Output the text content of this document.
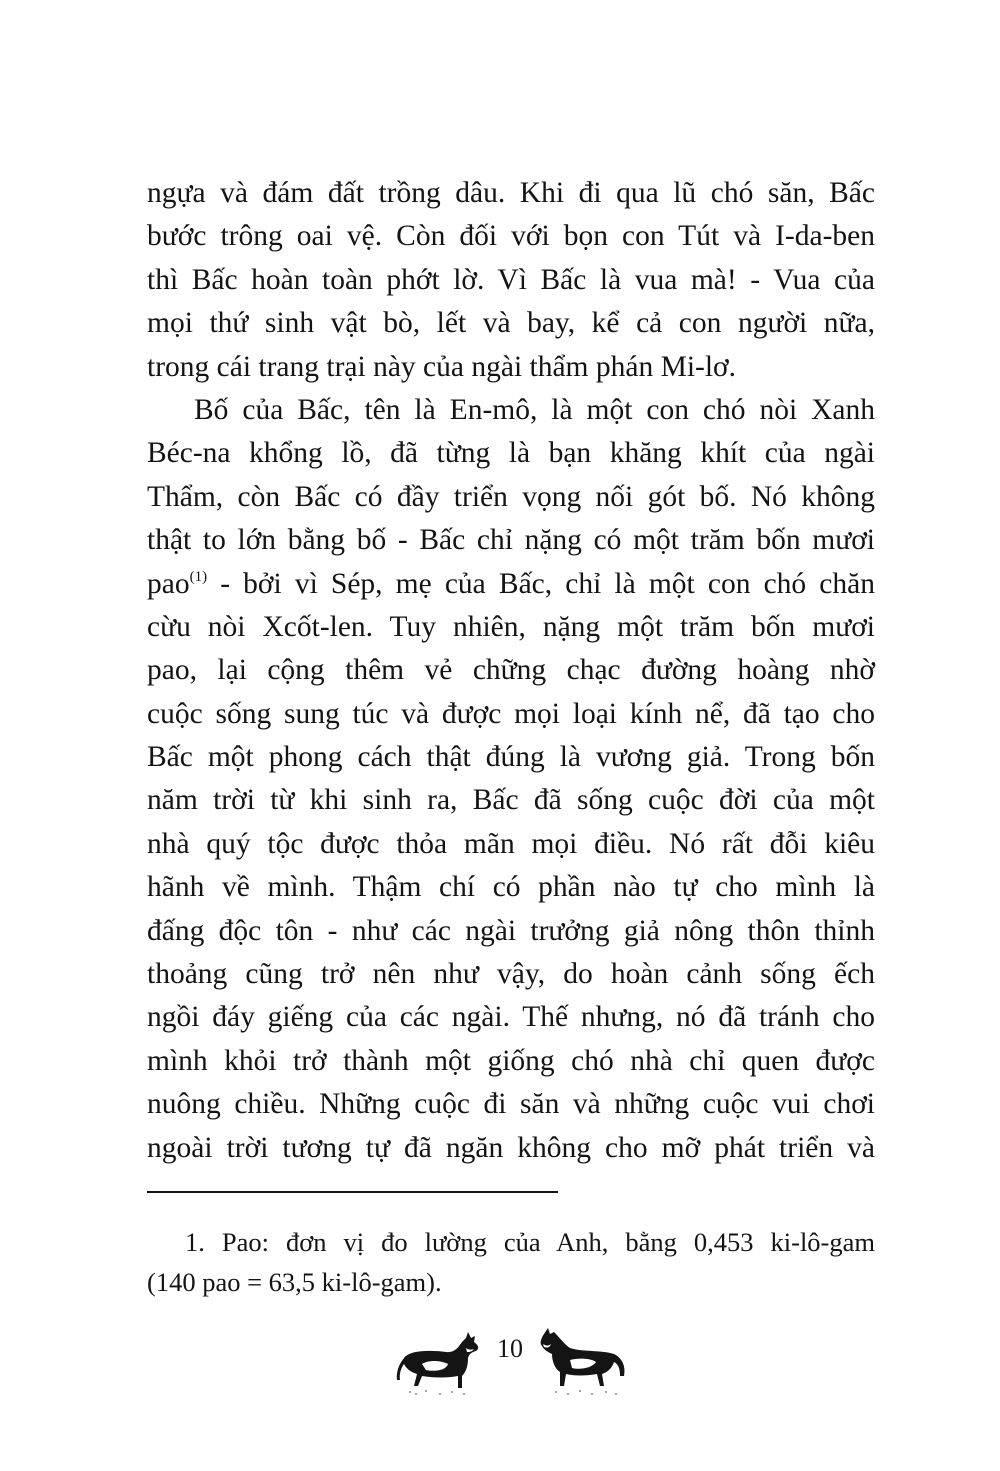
ngựa và đám đất trồng dâu. Khi đi qua lũ chó săn, Bấc
bước trông oai vệ. Còn đối với bọn con Tút và I-da-ben
thì Bấc hoàn toàn phớt lờ. Vì Bấc là vua mà! - Vua của
mọi thứ sinh vật bò, lết và bay, kể cả con người nữa,
trong cái trang trại này của ngài thẩm phán Mi-lơ.
Bố của Bấc, tên là En-mô, là một con chó nòi Xanh
Béc-na khổng lồ, đã từng là bạn khăng khít của ngài
Thẩm, còn Bấc có đầy triển vọng nối gót bố. Nó không
thật to lớn bằng bố - Bấc chỉ nặng có một trăm bốn mươi
pao$^{(1)}$ - bởi vì Sép, mẹ của Bấc, chỉ là một con chó chăn
cừu nòi Xcốt-len. Tuy nhiên, nặng một trăm bốn mươi
pao, lại cộng thêm vẻ chững chạc đường hoàng nhờ
cuộc sống sung túc và được mọi loại kính nể, đã tạo cho
Bấc một phong cách thật đúng là vương giả. Trong bốn
năm trời từ khi sinh ra, Bấc đã sống cuộc đời của một
nhà quý tộc được thỏa mãn mọi điều. Nó rất đỗi kiêu
hãnh về mình. Thậm chí có phần nào tự cho mình là
đấng độc tôn - như các ngài trưởng giả nông thôn thỉnh
thoảng cũng trở nên như vậy, do hoàn cảnh sống ếch
ngồi đáy giếng của các ngài. Thế nhưng, nó đã tránh cho
mình khỏi trở thành một giống chó nhà chỉ quen được
nuông chiều. Những cuộc đi săn và những cuộc vui chơi
ngoài trời tương tự đã ngăn không cho mỡ phát triển và
1. Pao: đơn vị đo lường của Anh, bằng 0,453 ki-lô-gam
(140 pao = 63,5 ki-lô-gam).
10
